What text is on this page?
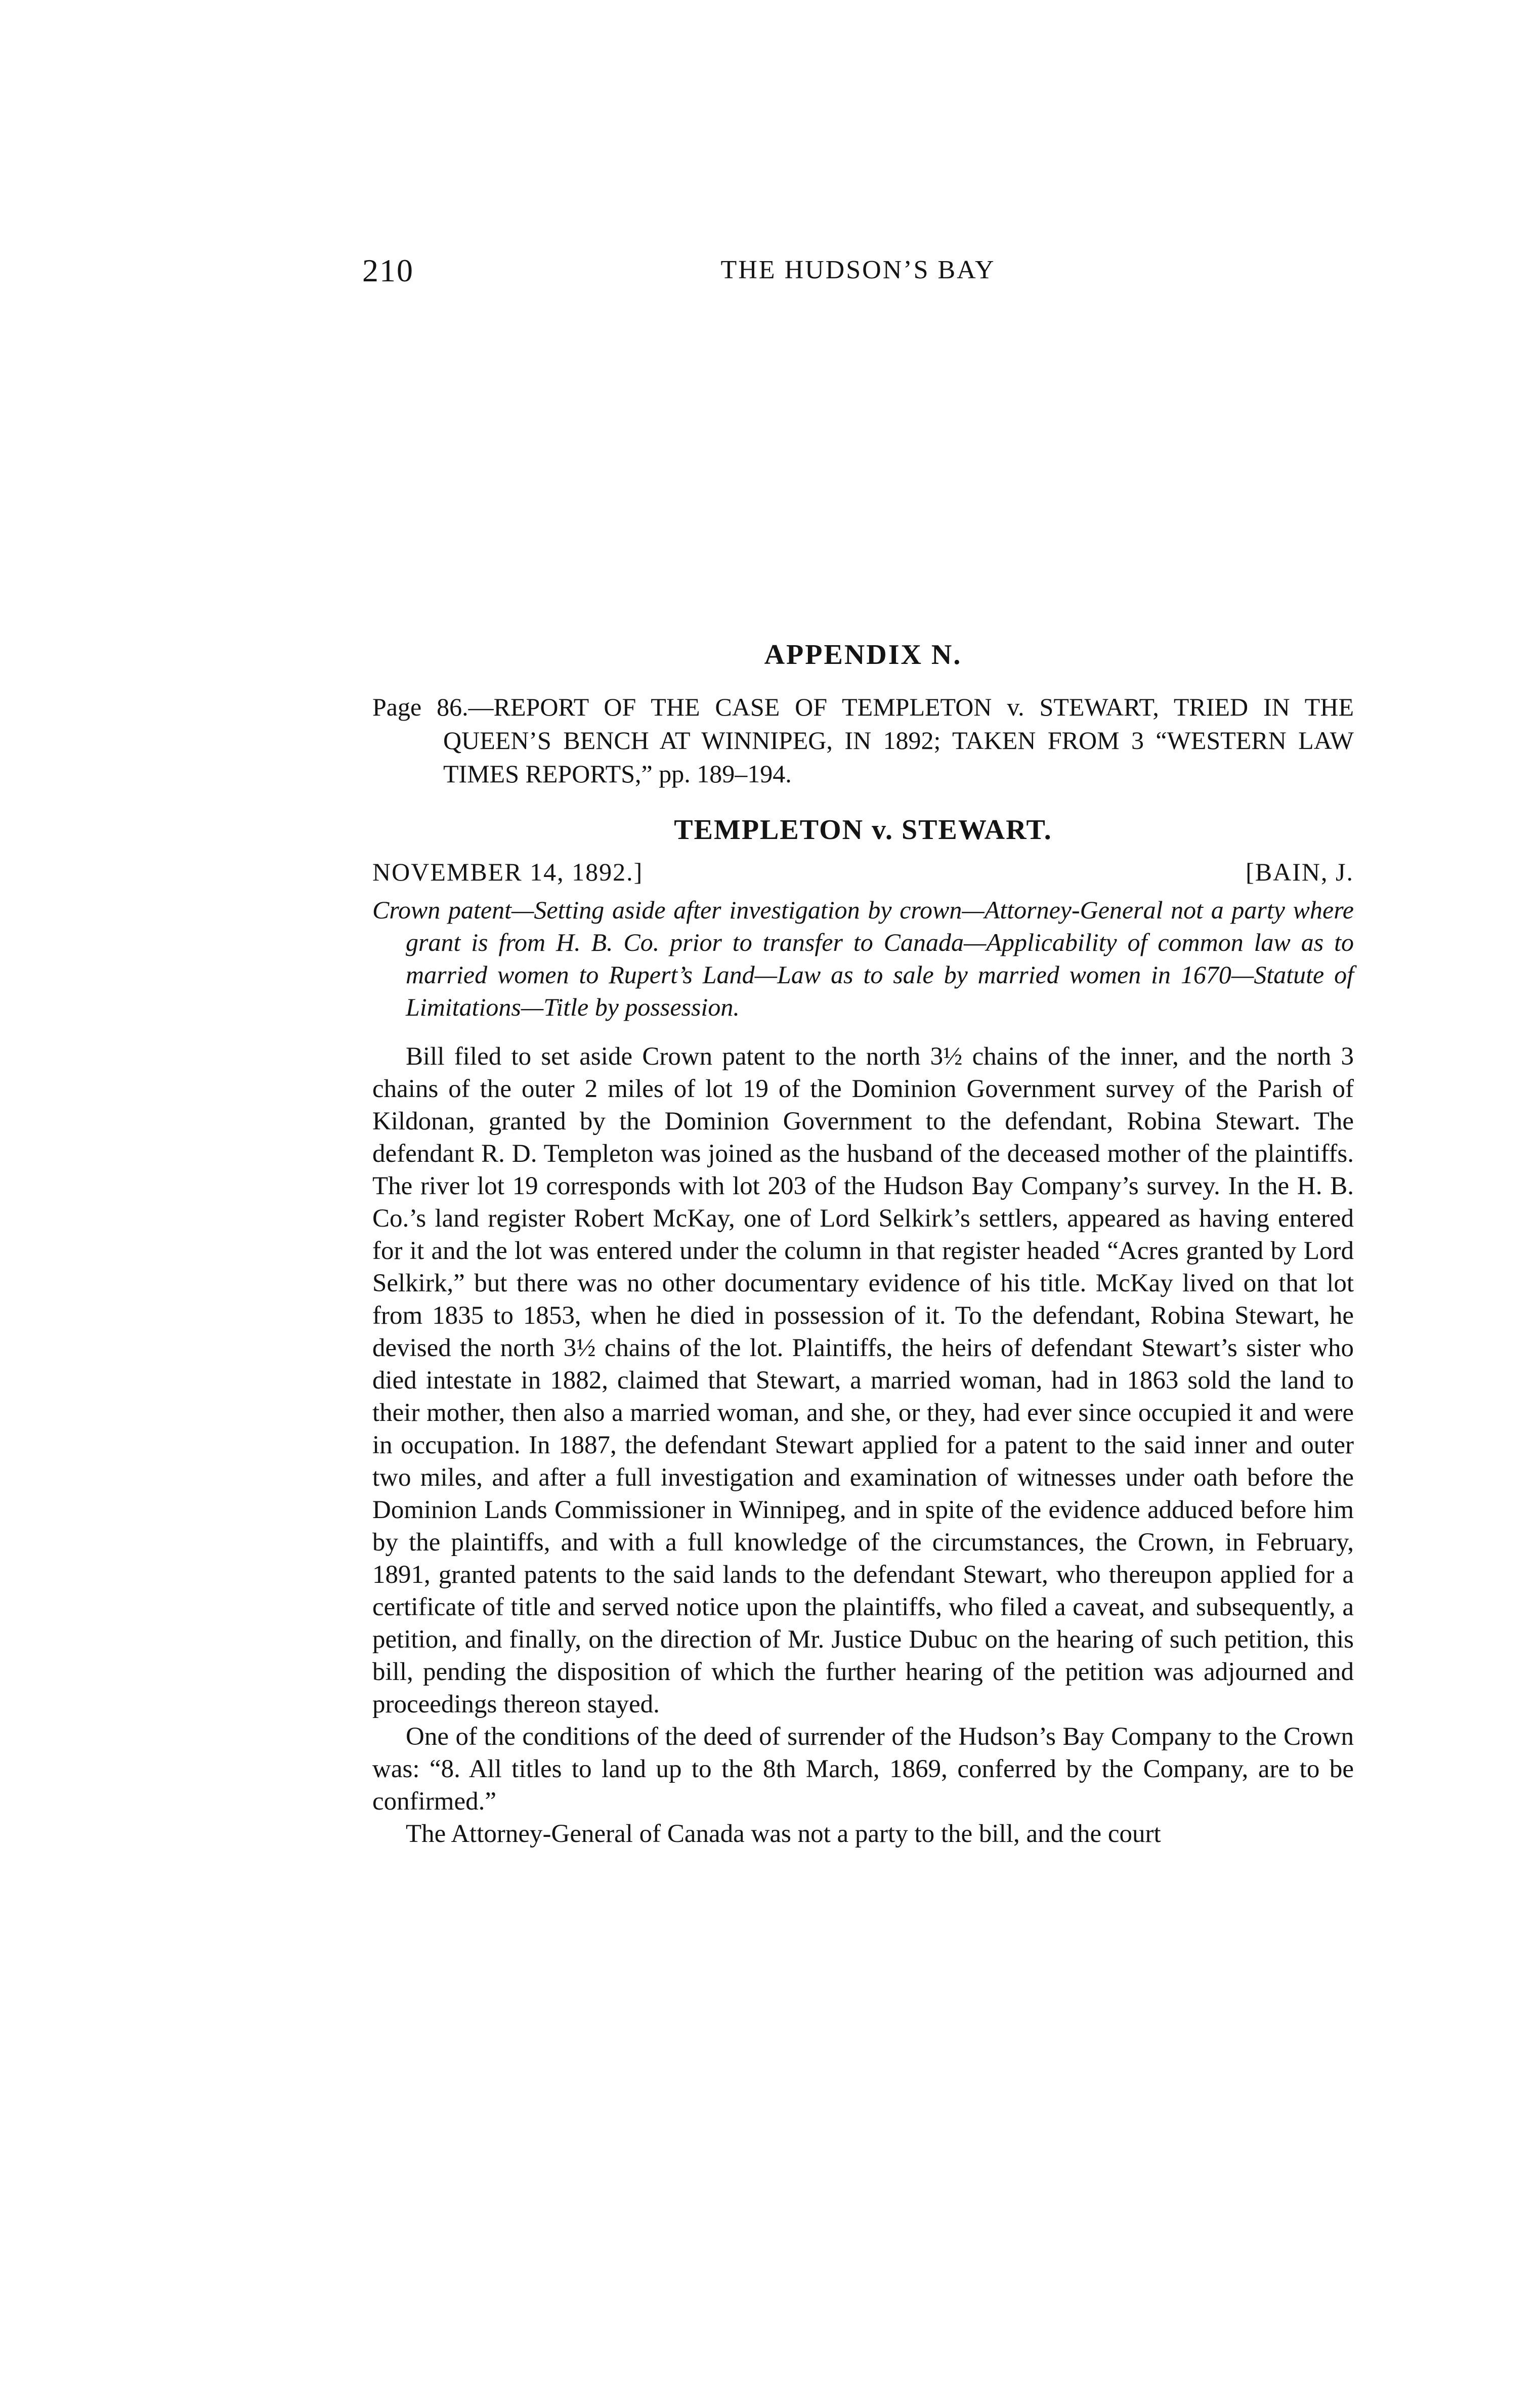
210	THE HUDSON’S BAY
APPENDIX N.

Page 86.—REPORT OF THE CASE OF TEMPLETON v. STEWART, TRIED IN THE QUEEN’S BENCH AT WINNIPEG, IN 1892; TAKEN FROM 3 “WESTERN LAW TIMES REPORTS,” pp. 189–194.

TEMPLETON v. STEWART.
NOVEMBER 14, 1892.]	[BAIN, J.

Crown patent—Setting aside after investigation by crown—Attorney-General not a party where grant is from H. B. Co. prior to transfer to Canada—Applicability of common law as to married women to Rupert’s Land—Law as to sale by married women in 1670—Statute of Limitations—Title by possession.

Bill filed to set aside Crown patent to the north 3½ chains of the inner, and the north 3 chains of the outer 2 miles of lot 19 of the Dominion Government survey of the Parish of Kildonan, granted by the Dominion Government to the defendant, Robina Stewart. The defendant R. D. Templeton was joined as the husband of the deceased mother of the plaintiffs. The river lot 19 corresponds with lot 203 of the Hudson Bay Company’s survey. In the H. B. Co.’s land register Robert McKay, one of Lord Selkirk’s settlers, appeared as having entered for it and the lot was entered under the column in that register headed “Acres granted by Lord Selkirk,” but there was no other documentary evidence of his title. McKay lived on that lot from 1835 to 1853, when he died in possession of it. To the defendant, Robina Stewart, he devised the north 3½ chains of the lot. Plaintiffs, the heirs of defendant Stewart’s sister who died intestate in 1882, claimed that Stewart, a married woman, had in 1863 sold the land to their mother, then also a married woman, and she, or they, had ever since occupied it and were in occupation. In 1887, the defendant Stewart applied for a patent to the said inner and outer two miles, and after a full investigation and examination of witnesses under oath before the Dominion Lands Commissioner in Winnipeg, and in spite of the evidence adduced before him by the plaintiffs, and with a full knowledge of the circumstances, the Crown, in February, 1891, granted patents to the said lands to the defendant Stewart, who thereupon applied for a certificate of title and served notice upon the plaintiffs, who filed a caveat, and subsequently, a petition, and finally, on the direction of Mr. Justice Dubuc on the hearing of such petition, this bill, pending the disposition of which the further hearing of the petition was adjourned and proceedings thereon stayed.

One of the conditions of the deed of surrender of the Hudson’s Bay Company to the Crown was: “8. All titles to land up to the 8th March, 1869, conferred by the Company, are to be confirmed.”

The Attorney-General of Canada was not a party to the bill, and the court
